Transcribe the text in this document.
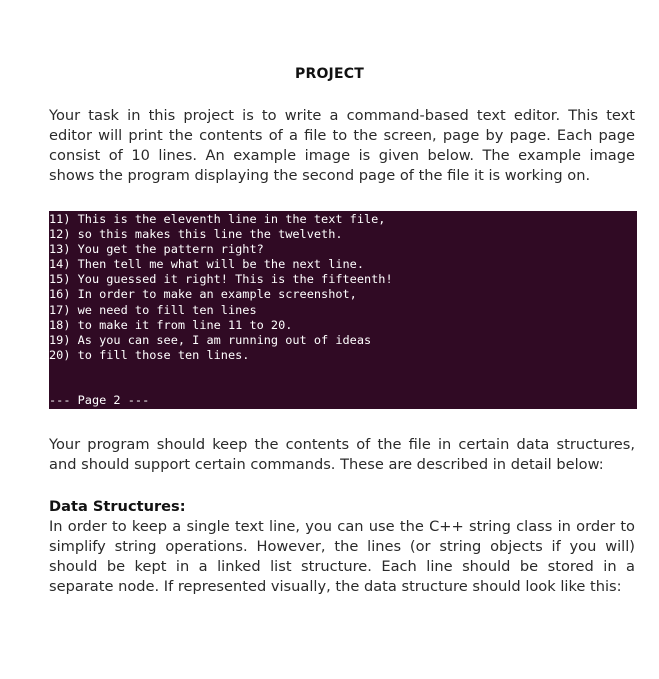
PROJECT

Your task in this project is to write a command-based text editor. This text editor will print the contents of a file to the screen, page by page. Each page consist of 10 lines. An example image is given below. The example image shows the program displaying the second page of the file it is working on.

11) This is the eleventh line in the text file,
12) so this makes this line the twelveth.
13) You get the pattern right?
14) Then tell me what will be the next line.
15) You guessed it right! This is the fifteenth!
16) In order to make an example screenshot,
17) we need to fill ten lines
18) to make it from line 11 to 20.
19) As you can see, I am running out of ideas
20) to fill those ten lines.
--- Page 2 ---

Your program should keep the contents of the file in certain data structures, and should support certain commands. These are described in detail below:

Data Structures:

In order to keep a single text line, you can use the C++ string class in order to simplify string operations. However, the lines (or string objects if you will) should be kept in a linked list structure. Each line should be stored in a separate node. If represented visually, the data structure should look like this:
